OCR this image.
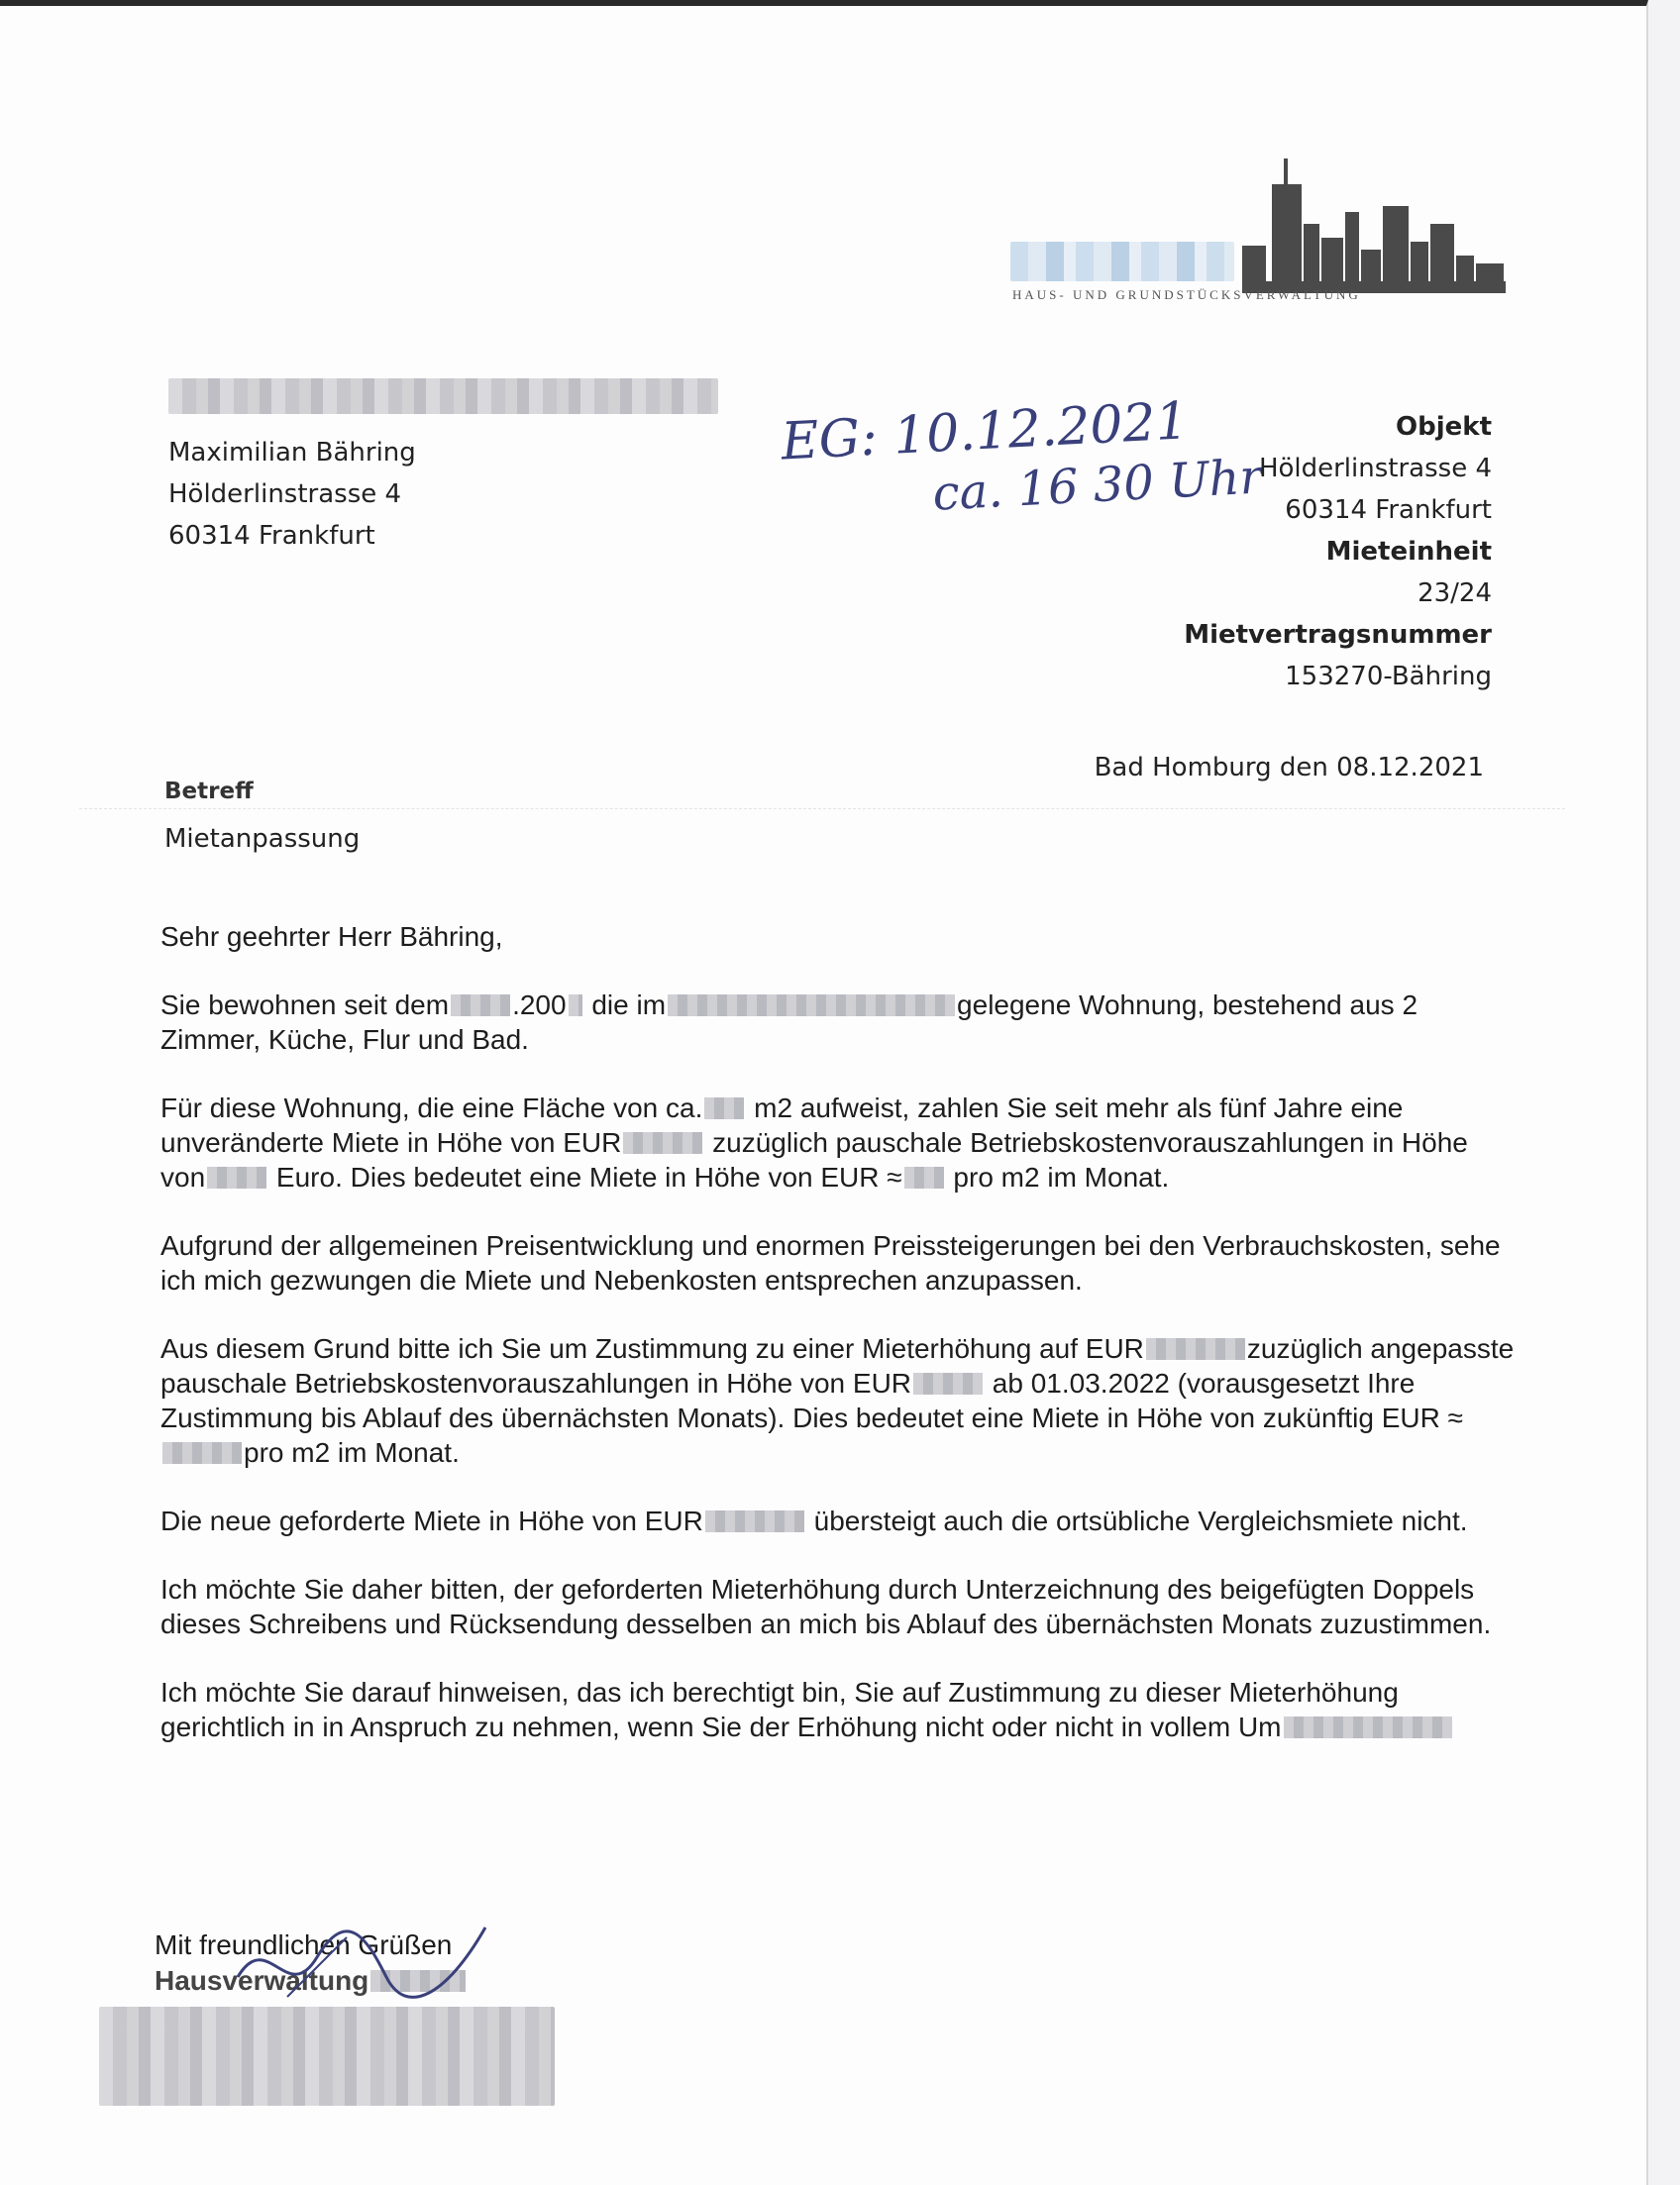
HAUS- UND GRUNDSTÜCKSVERWALTUNG
Maximilian Bähring
Hölderlinstrasse 4
60314 Frankfurt
EG: 10.12.2021
ca. 16 30 Uhr
Objekt
Hölderlinstrasse 4
60314 Frankfurt
Mieteinheit
23/24
Mietvertragsnummer
153270-Bähring
Bad Homburg den 08.12.2021
Betreff
Mietanpassung

Sehr geehrter Herr Bähring,

Sie bewohnen seit dem .200 die im	gelegene Wohnung, bestehend aus 2 Zimmer, Küche, Flur und Bad.

Für diese Wohnung, die eine Fläche von ca. m2 aufweist, zahlen Sie seit mehr als fünf Jahre eine unveränderte Miete in Höhe von EUR	zuzüglich pauschale Betriebskostenvorauszahlungen in Höhe von Euro. Dies bedeutet eine Miete in Höhe von EUR ≈ pro m2 im Monat.

Aufgrund der allgemeinen Preisentwicklung und enormen Preissteigerungen bei den Verbrauchskosten, sehe ich mich gezwungen die Miete und Nebenkosten entsprechen anzupassen.

Aus diesem Grund bitte ich Sie um Zustimmung zu einer Mieterhöhung auf EUR	zuzüglich angepasste pauschale Betriebskostenvorauszahlungen in Höhe von EUR	ab 01.03.2022 (vorausgesetzt Ihre Zustimmung bis Ablauf des übernächsten Monats). Dies bedeutet eine Miete in Höhe von zukünftig EUR ≈pro m2 im Monat.

Die neue geforderte Miete in Höhe von EUR	übersteigt auch die ortsübliche Vergleichsmiete nicht.

Ich möchte Sie daher bitten, der geforderten Mieterhöhung durch Unterzeichnung des beigefügten Doppels dieses Schreibens und Rücksendung desselben an mich bis Ablauf des übernächsten Monats zuzustimmen.

Ich möchte Sie darauf hinweisen, das ich berechtigt bin, Sie auf Zustimmung zu dieser Mieterhöhung gerichtlich in in Anspruch zu nehmen, wenn Sie der Erhöhung nicht oder nicht in vollem Um

Mit freundlichen Grüßen
Hausverwaltung
